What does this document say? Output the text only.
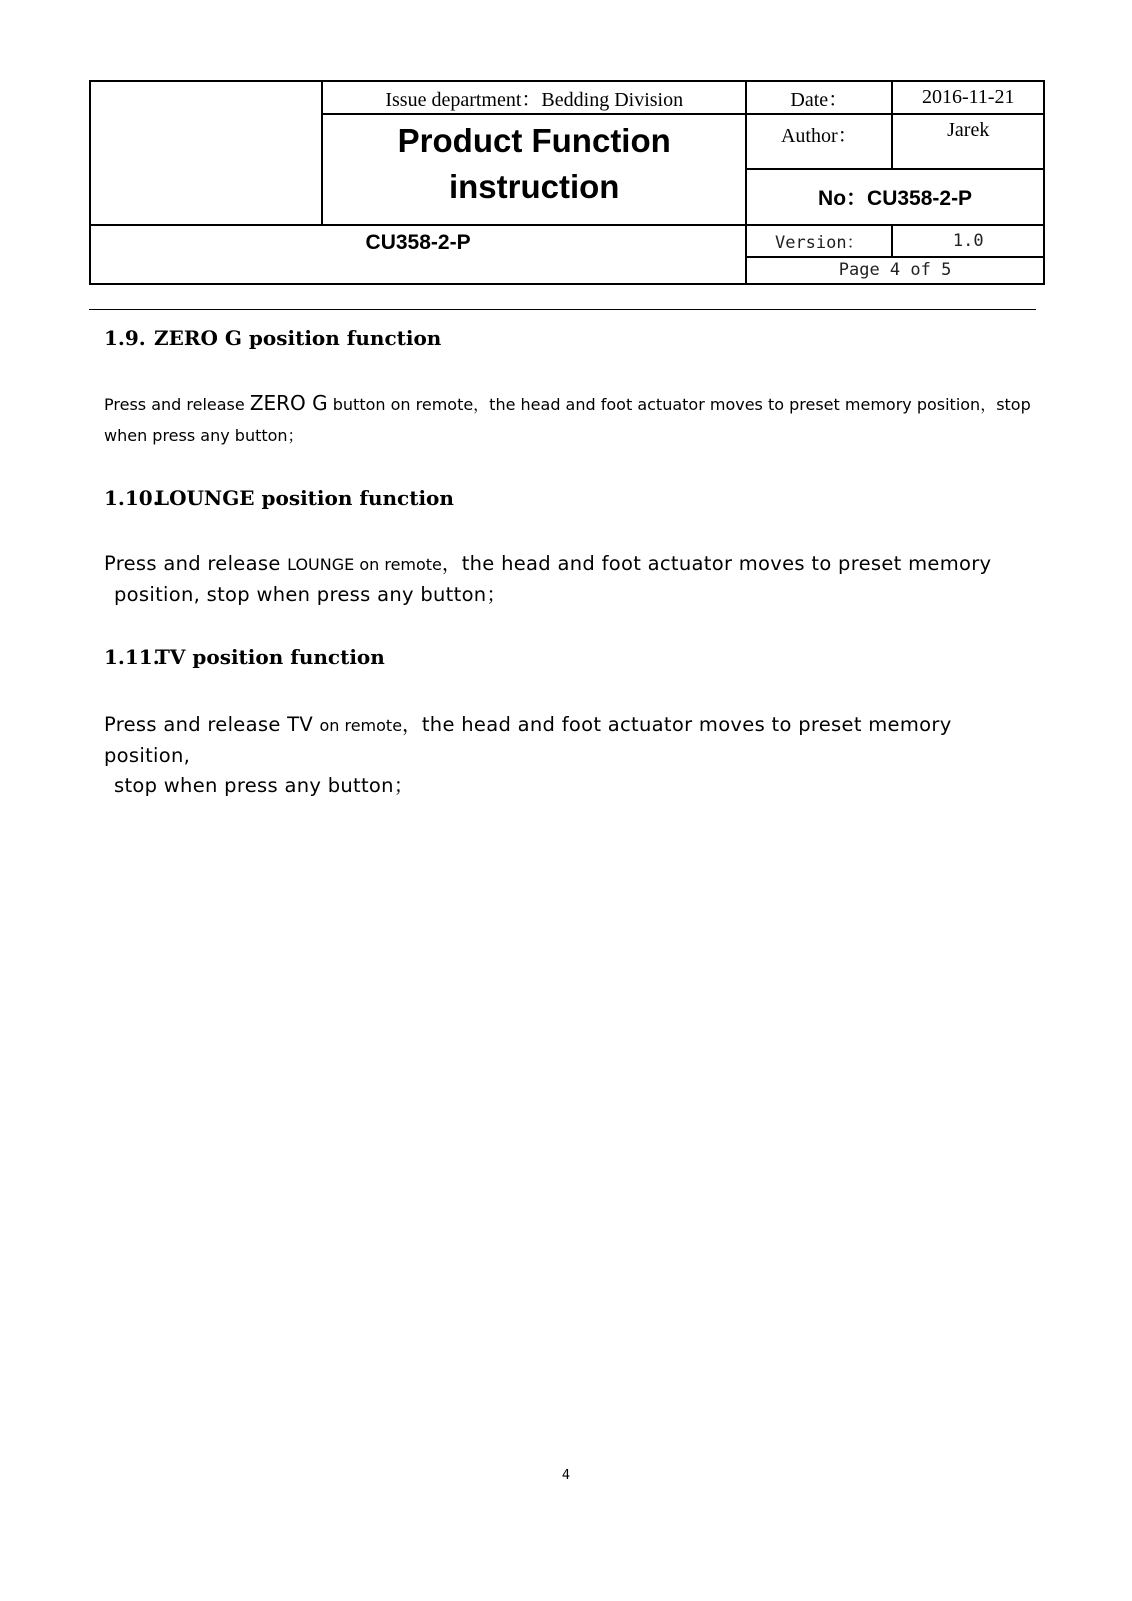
	Issue department：Bedding Division	Date：	2016-11-21

	Product Function
instruction	Author：	Jarek
		No：CU358-2-P	
CU358-2-P		Version：	1.0
		Page 4 of 5	
1.9. ZERO G position function

Press and release ZERO G button on remote，the head and foot actuator moves to preset memory position，stop
when press any button；

1.10.LOUNGE position function

Press and release LOUNGE on remote，the head and foot actuator moves to preset memory
position, stop when press any button；

1.11.TV position function

Press and release TV on remote，the head and foot actuator moves to preset memory position,
stop when press any button；

4
